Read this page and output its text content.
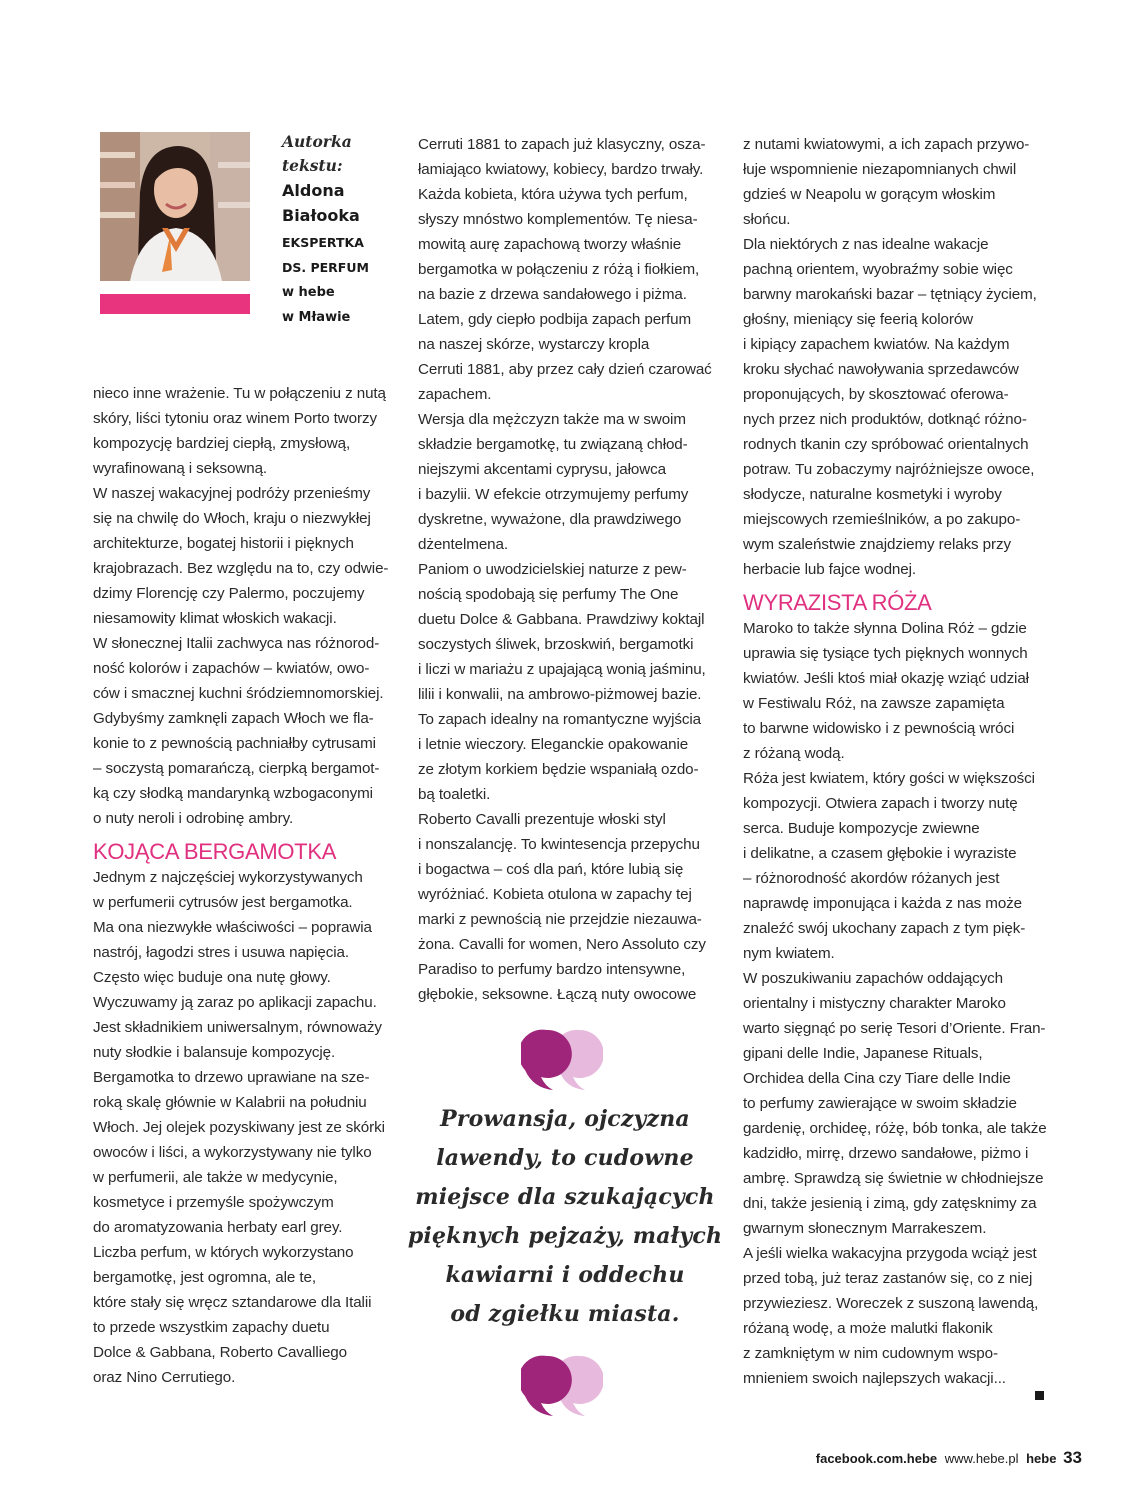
Autorka
tekstu:
Aldona
Białooka
EKSPERTKA
DS. PERFUM
w hebe
w Mławie

nieco inne wrażenie. Tu w połączeniu z nutą
skóry, liści tytoniu oraz winem Porto tworzy
kompozycję bardziej ciepłą, zmysłową,
wyrafinowaną i seksowną.

W naszej wakacyjnej podróży przenieśmy
się na chwilę do Włoch, kraju o niezwykłej
architekturze, bogatej historii i pięknych
krajobrazach. Bez względu na to, czy odwie-
dzimy Florencję czy Palermo, poczujemy
niesamowity klimat włoskich wakacji.

W słonecznej Italii zachwyca nas różnorod-
ność kolorów i zapachów – kwiatów, owo-
ców i smacznej kuchni śródziemnomorskiej.
Gdybyśmy zamknęli zapach Włoch we fla-
konie to z pewnością pachniałby cytrusami
– soczystą pomarańczą, cierpką bergamot-
ką czy słodką mandarynką wzbogaconymi
o nuty neroli i odrobinę ambry.

KOJĄCA BERGAMOTKA

Jednym z najczęściej wykorzystywanych
w perfumerii cytrusów jest bergamotka.
Ma ona niezwykłe właściwości – poprawia
nastrój, łagodzi stres i usuwa napięcia.
Często więc buduje ona nutę głowy.
Wyczuwamy ją zaraz po aplikacji zapachu.
Jest składnikiem uniwersalnym, równoważy
nuty słodkie i balansuje kompozycję.
Bergamotka to drzewo uprawiane na sze-
roką skalę głównie w Kalabrii na południu
Włoch. Jej olejek pozyskiwany jest ze skórki
owoców i liści, a wykorzystywany nie tylko
w perfumerii, ale także w medycynie,
kosmetyce i przemyśle spożywczym
do aromatyzowania herbaty earl grey.
Liczba perfum, w których wykorzystano
bergamotkę, jest ogromna, ale te,
które stały się wręcz sztandarowe dla Italii
to przede wszystkim zapachy duetu
Dolce & Gabbana, Roberto Cavalliego
oraz Nino Cerrutiego.

Cerruti 1881 to zapach już klasyczny, osza-
łamiająco kwiatowy, kobiecy, bardzo trwały.
Każda kobieta, która używa tych perfum,
słyszy mnóstwo komplementów. Tę niesa-
mowitą aurę zapachową tworzy właśnie
bergamotka w połączeniu z różą i fiołkiem,
na bazie z drzewa sandałowego i piżma.
Latem, gdy ciepło podbija zapach perfum
na naszej skórze, wystarczy kropla
Cerruti 1881, aby przez cały dzień czarować
zapachem.

Wersja dla mężczyzn także ma w swoim
składzie bergamotkę, tu związaną chłod-
niejszymi akcentami cyprysu, jałowca
i bazylii. W efekcie otrzymujemy perfumy
dyskretne, wyważone, dla prawdziwego
dżentelmena.

Paniom o uwodzicielskiej naturze z pew-
nością spodobają się perfumy The One
duetu Dolce & Gabbana. Prawdziwy koktajl
soczystych śliwek, brzoskwiń, bergamotki
i liczi w mariażu z upajającą wonią jaśminu,
lilii i konwalii, na ambrowo-piżmowej bazie.
To zapach idealny na romantyczne wyjścia
i letnie wieczory. Eleganckie opakowanie
ze złotym korkiem będzie wspaniałą ozdo-
bą toaletki.

Roberto Cavalli prezentuje włoski styl
i nonszalancję. To kwintesencja przepychu
i bogactwa – coś dla pań, które lubią się
wyróżniać. Kobieta otulona w zapachy tej
marki z pewnością nie przejdzie niezauwa-
żona. Cavalli for women, Nero Assoluto czy
Paradiso to perfumy bardzo intensywne,
głębokie, seksowne. Łączą nuty owocowe

Prowansja, ojczyzna
lawendy, to cudowne
miejsce dla szukających
pięknych pejzaży, małych
kawiarni i oddechu
od zgiełku miasta.

z nutami kwiatowymi, a ich zapach przywo-
łuje wspomnienie niezapomnianych chwil
gdzieś w Neapolu w gorącym włoskim
słońcu.

Dla niektórych z nas idealne wakacje
pachną orientem, wyobraźmy sobie więc
barwny marokański bazar – tętniący życiem,
głośny, mieniący się feerią kolorów
i kipiący zapachem kwiatów. Na każdym
kroku słychać nawoływania sprzedawców
proponujących, by skosztować oferowa-
nych przez nich produktów, dotknąć różno-
rodnych tkanin czy spróbować orientalnych
potraw. Tu zobaczymy najróżniejsze owoce,
słodycze, naturalne kosmetyki i wyroby
miejscowych rzemieślników, a po zakupo-
wym szaleństwie znajdziemy relaks przy
herbacie lub fajce wodnej.

WYRAZISTA RÓŻA

Maroko to także słynna Dolina Róż – gdzie
uprawia się tysiące tych pięknych wonnych
kwiatów. Jeśli ktoś miał okazję wziąć udział
w Festiwalu Róż, na zawsze zapamięta
to barwne widowisko i z pewnością wróci
z różaną wodą.

Róża jest kwiatem, który gości w większości
kompozycji. Otwiera zapach i tworzy nutę
serca. Buduje kompozycje zwiewne
i delikatne, a czasem głębokie i wyraziste
– różnorodność akordów różanych jest
naprawdę imponująca i każda z nas może
znaleźć swój ukochany zapach z tym pięk-
nym kwiatem.

W poszukiwaniu zapachów oddających
orientalny i mistyczny charakter Maroko
warto sięgnąć po serię Tesori d’Oriente. Fran-
gipani delle Indie, Japanese Rituals,
Orchidea della Cina czy Tiare delle Indie
to perfumy zawierające w swoim składzie
gardenię, orchideę, różę, bób tonka, ale także
kadzidło, mirrę, drzewo sandałowe, piżmo i
ambrę. Sprawdzą się świetnie w chłodniejsze
dni, także jesienią i zimą, gdy zatęsknimy za
gwarnym słonecznym Marrakeszem.

A jeśli wielka wakacyjna przygoda wciąż jest
przed tobą, już teraz zastanów się, co z niej
przywieziesz. Woreczek z suszoną lawendą,
różaną wodę, a może malutki flakonik
z zamkniętym w nim cudownym wspo-
mnieniem swoich najlepszych wakacji...

facebook.com.hebe www.hebe.pl hebe 33
